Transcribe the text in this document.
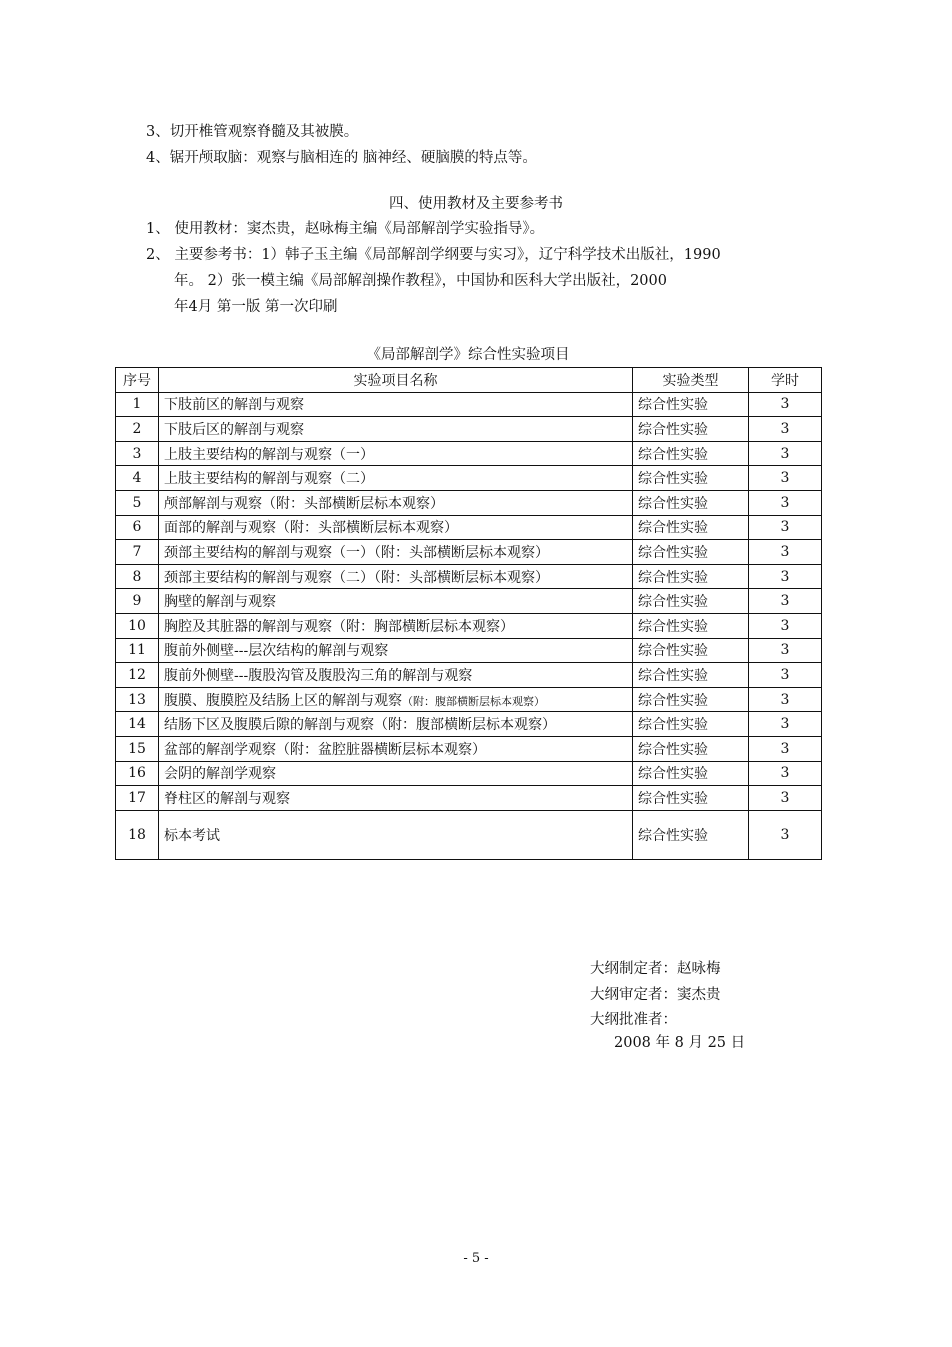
3、切开椎管观察脊髓及其被膜。
4、锯开颅取脑：观察与脑相连的 脑神经、硬脑膜的特点等。
四、使用教材及主要参考书
1、 使用教材：窦杰贵，赵咏梅主编《局部解剖学实验指导》。
2、 主要参考书：1）韩子玉主编《局部解剖学纲要与实习》，辽宁科学技术出版社，1990
年。 2）张一模主编《局部解剖操作教程》，中国协和医科大学出版社，2000
年4月 第一版 第一次印刷
《局部解剖学》综合性实验项目
序号	实验项目名称	实验类型	学时
1	下肢前区的解剖与观察	综合性实验	3
2	下肢后区的解剖与观察	综合性实验	3
3	上肢主要结构的解剖与观察（一）	综合性实验	3
4	上肢主要结构的解剖与观察（二）	综合性实验	3
5	颅部解剖与观察（附：头部横断层标本观察）	综合性实验	3
6	面部的解剖与观察（附：头部横断层标本观察）	综合性实验	3
7	颈部主要结构的解剖与观察（一）（附：头部横断层标本观察）	综合性实验	3
8	颈部主要结构的解剖与观察（二）（附：头部横断层标本观察）	综合性实验	3
9	胸壁的解剖与观察	综合性实验	3
10	胸腔及其脏器的解剖与观察（附：胸部横断层标本观察）	综合性实验	3
11	腹前外侧壁---层次结构的解剖与观察	综合性实验	3
12	腹前外侧壁---腹股沟管及腹股沟三角的解剖与观察	综合性实验	3
13	腹膜、腹膜腔及结肠上区的解剖与观察（附：腹部横断层标本观察）	综合性实验	3
14	结肠下区及腹膜后隙的解剖与观察（附：腹部横断层标本观察）	综合性实验	3
15	盆部的解剖学观察（附：盆腔脏器横断层标本观察）	综合性实验	3
16	会阴的解剖学观察	综合性实验	3
17	脊柱区的解剖与观察	综合性实验	3
18	标本考试	综合性实验	3
大纲制定者：赵咏梅
大纲审定者：窦杰贵
大纲批准者：
2008 年 8 月 25 日
- 5 -
